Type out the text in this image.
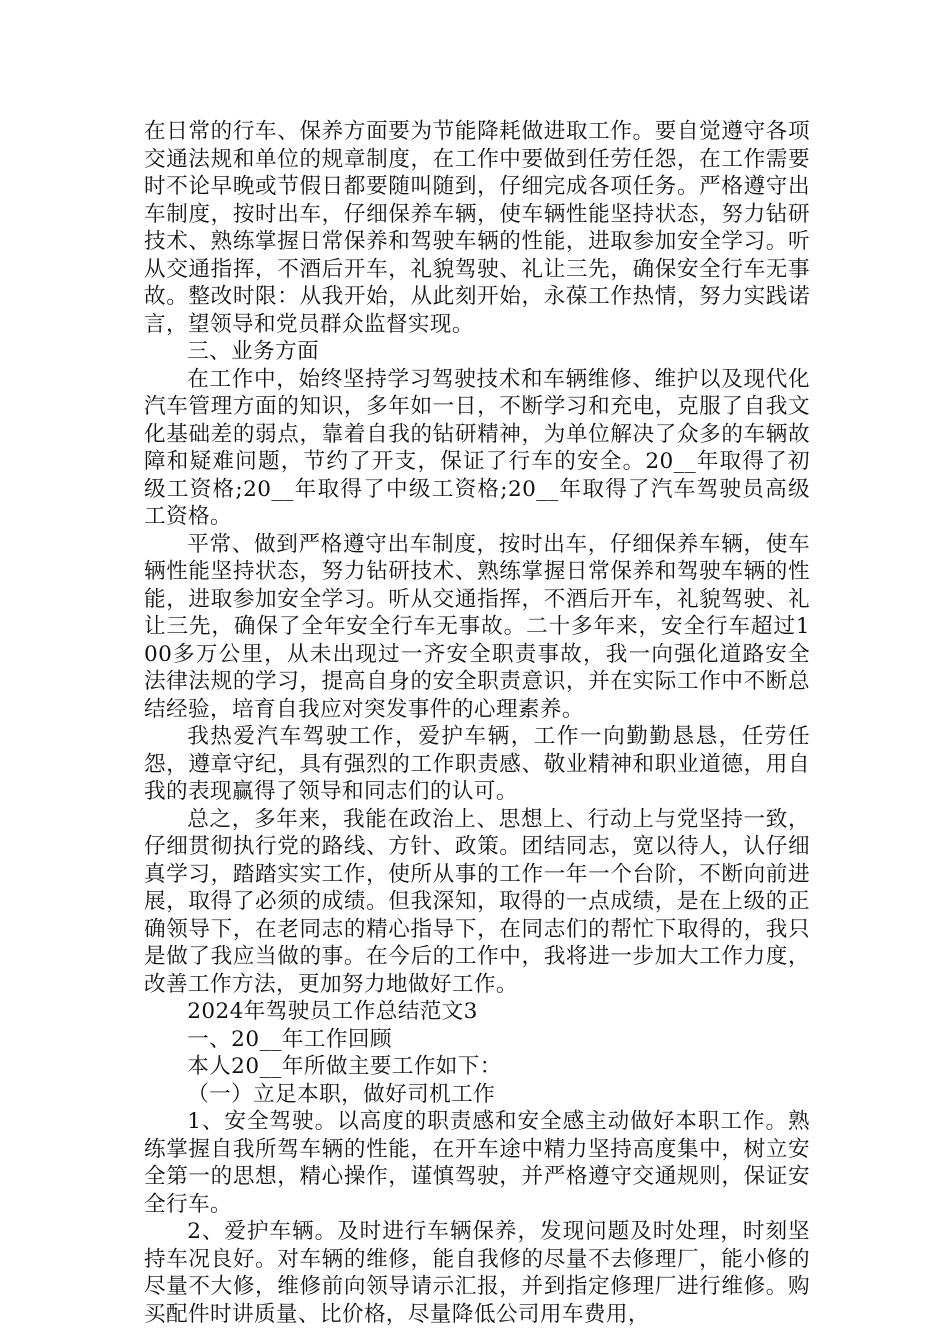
在日常的行车、保养方面要为节能降耗做进取工作。要自觉遵守各项交通法规和单位的规章制度，在工作中要做到任劳任怨，在工作需要时不论早晚或节假日都要随叫随到，仔细完成各项任务。严格遵守出车制度，按时出车，仔细保养车辆，使车辆性能坚持状态，努力钻研技术、熟练掌握日常保养和驾驶车辆的性能，进取参加安全学习。听从交通指挥，不酒后开车，礼貌驾驶、礼让三先，确保安全行车无事故。整改时限：从我开始，从此刻开始，永葆工作热情，努力实践诺言，望领导和党员群众监督实现。

三、业务方面

在工作中，始终坚持学习驾驶技术和车辆维修、维护以及现代化汽车管理方面的知识，多年如一日，不断学习和充电，克服了自我文化基础差的弱点，靠着自我的钻研精神，为单位解决了众多的车辆故障和疑难问题，节约了开支，保证了行车的安全。20__年取得了初级工资格;20__年取得了中级工资格;20__年取得了汽车驾驶员高级工资格。

平常、做到严格遵守出车制度，按时出车，仔细保养车辆，使车辆性能坚持状态，努力钻研技术、熟练掌握日常保养和驾驶车辆的性能，进取参加安全学习。听从交通指挥，不酒后开车，礼貌驾驶、礼让三先，确保了全年安全行车无事故。二十多年来，安全行车超过100多万公里，从未出现过一齐安全职责事故，我一向强化道路安全法律法规的学习，提高自身的安全职责意识，并在实际工作中不断总结经验，培育自我应对突发事件的心理素养。

我热爱汽车驾驶工作，爱护车辆，工作一向勤勤恳恳，任劳任怨，遵章守纪，具有强烈的工作职责感、敬业精神和职业道德，用自我的表现赢得了领导和同志们的认可。

总之，多年来，我能在政治上、思想上、行动上与党坚持一致，仔细贯彻执行党的路线、方针、政策。团结同志，宽以待人，认仔细真学习，踏踏实实工作，使所从事的工作一年一个台阶，不断向前进展，取得了必须的成绩。但我深知，取得的一点成绩，是在上级的正确领导下，在老同志的精心指导下，在同志们的帮忙下取得的，我只是做了我应当做的事。在今后的工作中，我将进一步加大工作力度，改善工作方法，更加努力地做好工作。

2024年驾驶员工作总结范文3

一、20__年工作回顾

本人20__年所做主要工作如下：

（一）立足本职，做好司机工作

1、安全驾驶。以高度的职责感和安全感主动做好本职工作。熟练掌握自我所驾车辆的性能，在开车途中精力坚持高度集中，树立安全第一的思想，精心操作，谨慎驾驶，并严格遵守交通规则，保证安全行车。

2、爱护车辆。及时进行车辆保养，发现问题及时处理，时刻坚持车况良好。对车辆的维修，能自我修的尽量不去修理厂，能小修的尽量不大修，维修前向领导请示汇报，并到指定修理厂进行维修。购买配件时讲质量、比价格，尽量降低公司用车费用，
